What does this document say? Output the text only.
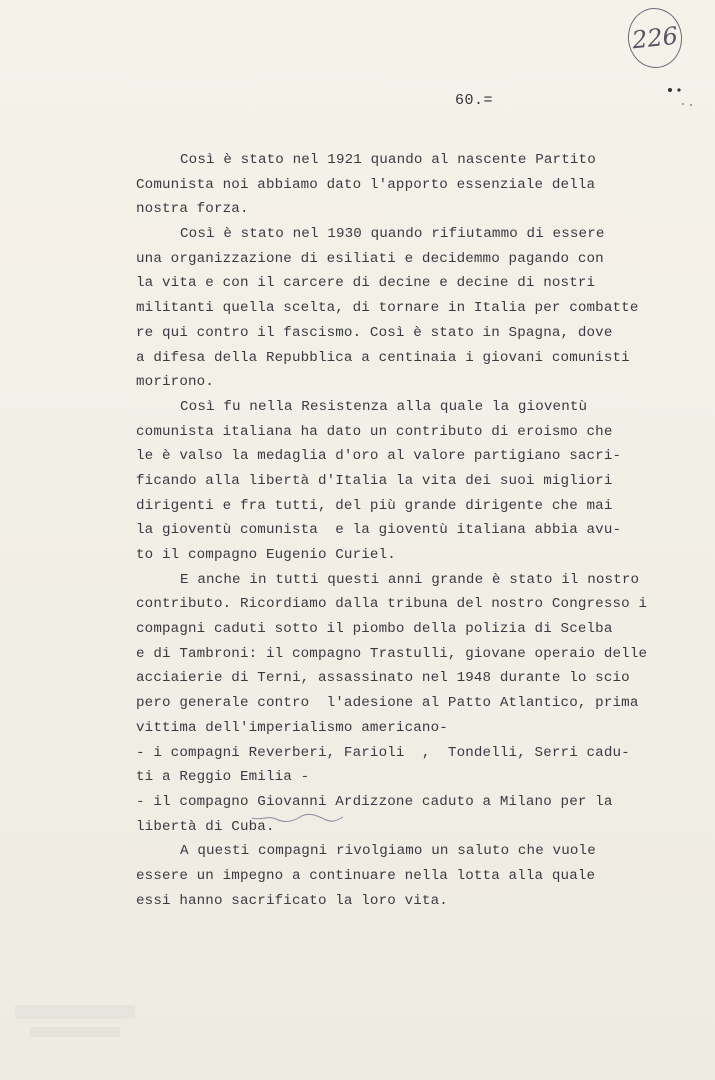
226
60.=
Così è stato nel 1921 quando al nascente Partito
Comunista noi abbiamo dato l'apporto essenziale della
nostra forza.
Così è stato nel 1930 quando rifiutammo di essere
una organizzazione di esiliati e decidemmo pagando con
la vita e con il carcere di decine e decine di nostri
militanti quella scelta, di tornare in Italia per combatte
re qui contro il fascismo. Così è stato in Spagna, dove
a difesa della Repubblica a centinaia i giovani comunisti
morirono.
Così fu nella Resistenza alla quale la gioventù
comunista italiana ha dato un contributo di eroismo che
le è valso la medaglia d'oro al valore partigiano sacri-
ficando alla libertà d'Italia la vita dei suoi migliori
dirigenti e fra tutti, del più grande dirigente che mai
la gioventù comunista  e la gioventù italiana abbia avu-
to il compagno Eugenio Curiel.
E anche in tutti questi anni grande è stato il nostro
contributo. Ricordiamo dalla tribuna del nostro Congresso i
compagni caduti sotto il piombo della polizia di Scelba
e di Tambroni: il compagno Trastulli, giovane operaio delle
acciaierie di Terni, assassinato nel 1948 durante lo scio
pero generale contro  l'adesione al Patto Atlantico, prima
vittima dell'imperialismo americano-
- i compagni Reverberi, Farioli  ,  Tondelli, Serri cadu-
ti a Reggio Emilia -
- il compagno Giovanni Ardizzone caduto a Milano per la
libertà di Cuba.
A questi compagni rivolgiamo un saluto che vuole
essere un impegno a continuare nella lotta alla quale
essi hanno sacrificato la loro vita.
